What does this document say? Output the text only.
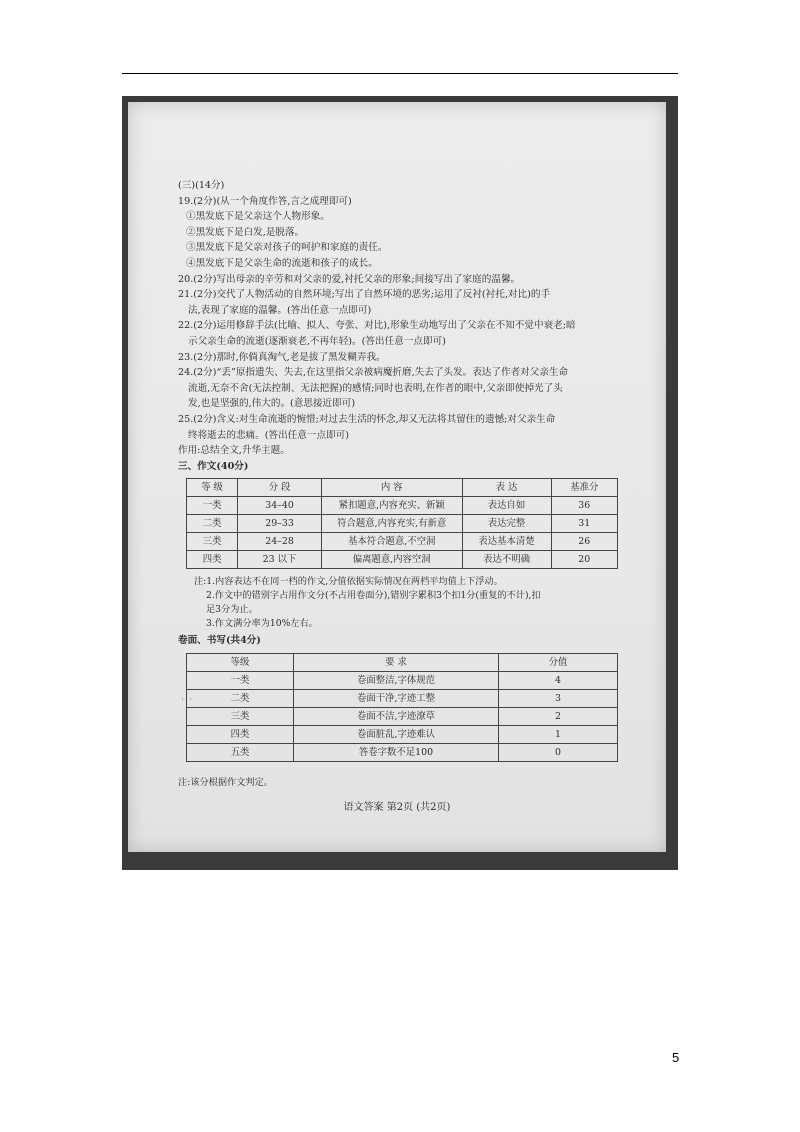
˙ ˙
(三)(14分)
19.(2分)(从一个角度作答,言之成理即可)
①黑发底下是父亲这个人物形象。
②黑发底下是白发,是脱落。
③黑发底下是父亲对孩子的呵护和家庭的责任。
④黑发底下是父亲生命的流逝和孩子的成长。
20.(2分)写出母亲的辛劳和对父亲的爱,衬托父亲的形象;间接写出了家庭的温馨。
21.(2分)交代了人物活动的自然环境;写出了自然环境的恶劣;运用了反衬(衬托,对比)的手
法,表现了家庭的温馨。(答出任意一点即可)
22.(2分)运用修辞手法(比喻、拟人、夸张、对比),形象生动地写出了父亲在不知不觉中衰老;暗
示父亲生命的流逝(逐渐衰老,不再年轻)。(答出任意一点即可)
23.(2分)那时,你倘真淘气,老是拔了黑发糊弄我。
24.(2分)“丢”原指遗失、失去,在这里指父亲被病魔折磨,失去了头发。表达了作者对父亲生命
流逝,无奈不舍(无法控制、无法把握)的感情;同时也表明,在作者的眼中,父亲即使掉光了头
发,也是坚强的,伟大的。(意思接近即可)
25.(2分)含义:对生命流逝的惋惜;对过去生活的怀念,却又无法将其留住的遗憾;对父亲生命
终将逝去的悲痛。(答出任意一点即可)
作用:总结全文,升华主题。
三、作文(40分)
等 级	分 段	内 容	表 达	基准分
一类	34–40	紧扣题意,内容充实、新颖	表达自如	36
二类	29–33	符合题意,内容充实,有新意	表达完整	31
三类	24–28	基本符合题意,不空洞	表达基本清楚	26
四类	23 以下	偏离题意,内容空洞	表达不明确	20
注:1.内容表达不在同一档的作文,分值依据实际情况在两档平均值上下浮动。
2.作文中的错别字占用作文分(不占用卷面分),错别字累积3个扣1分(重复的不计),扣
足3分为止。
3.作文满分率为10%左右。
卷面、书写(共4分)
等级	要 求	分值
一类	卷面整洁,字体规范	4
二类	卷面干净,字迹工整	3
三类	卷面不洁,字迹潦草	2
四类	卷面脏乱,字迹难认	1
五类	答卷字数不足100	0
注:该分根据作文判定。
语文答案 第2页 (共2页)
5
